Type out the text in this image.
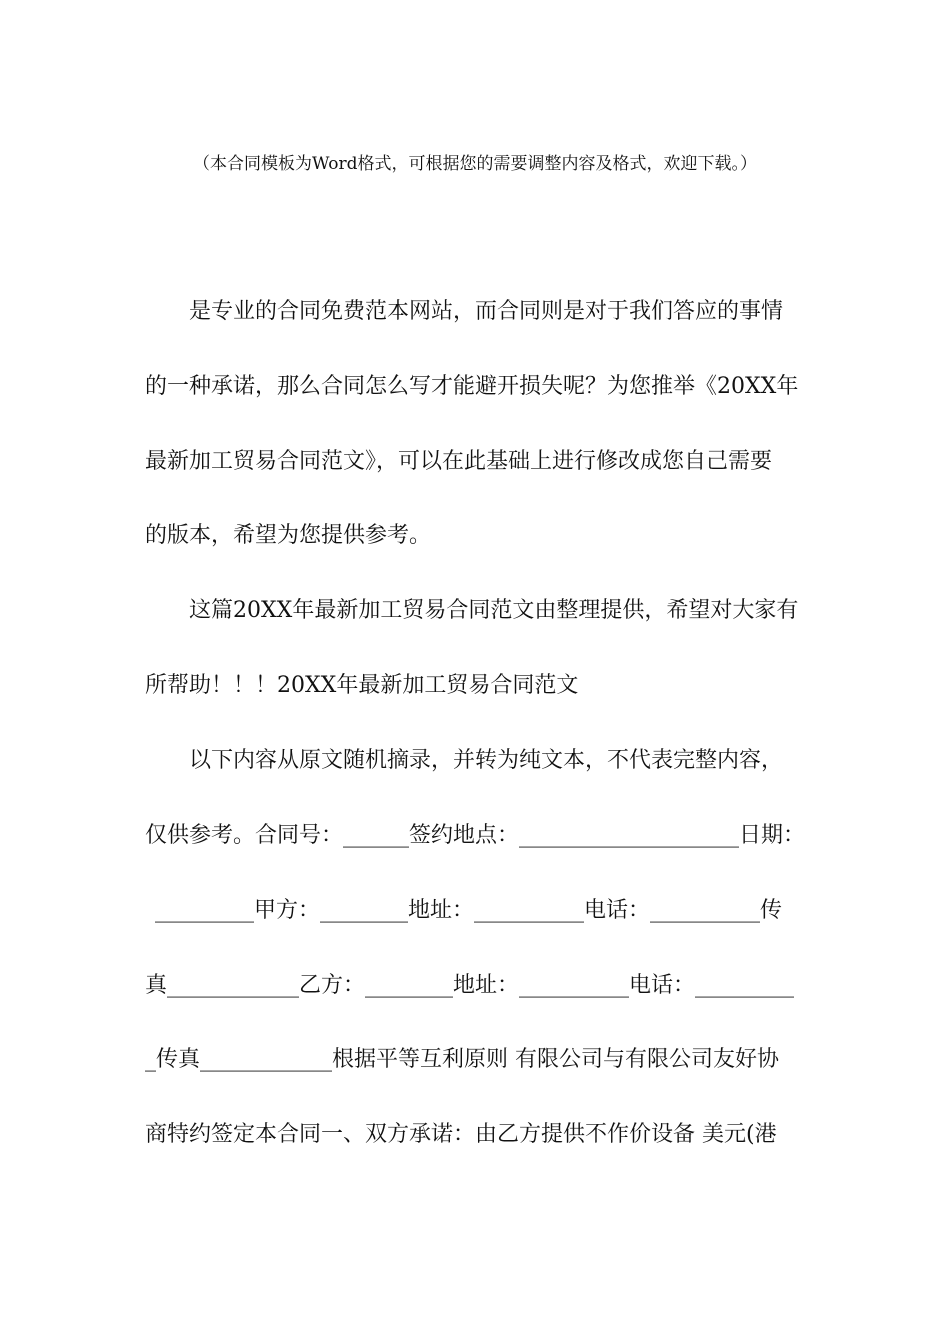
（本合同模板为Word格式，可根据您的需要调整内容及格式，欢迎下载。）
是专业的合同免费范本网站，而合同则是对于我们答应的事情
的一种承诺，那么合同怎么写才能避开损失呢？为您推举《20XX年
最新加工贸易合同范文》，可以在此基础上进行修改成您自己需要
的版本，希望为您提供参考。
这篇20XX年最新加工贸易合同范文由整理提供，希望对大家有
所帮助！！！20XX年最新加工贸易合同范文
以下内容从原文随机摘录，并转为纯文本，不代表完整内容，
仅供参考。合同号：______签约地点：____________________日期：
_________甲方：________地址：__________电话：__________传
真____________乙方：________地址：__________电话：_________
_传真____________根据平等互利原则 有限公司与有限公司友好协
商特约签定本合同一、双方承诺：由乙方提供不作价设备 美元(港
